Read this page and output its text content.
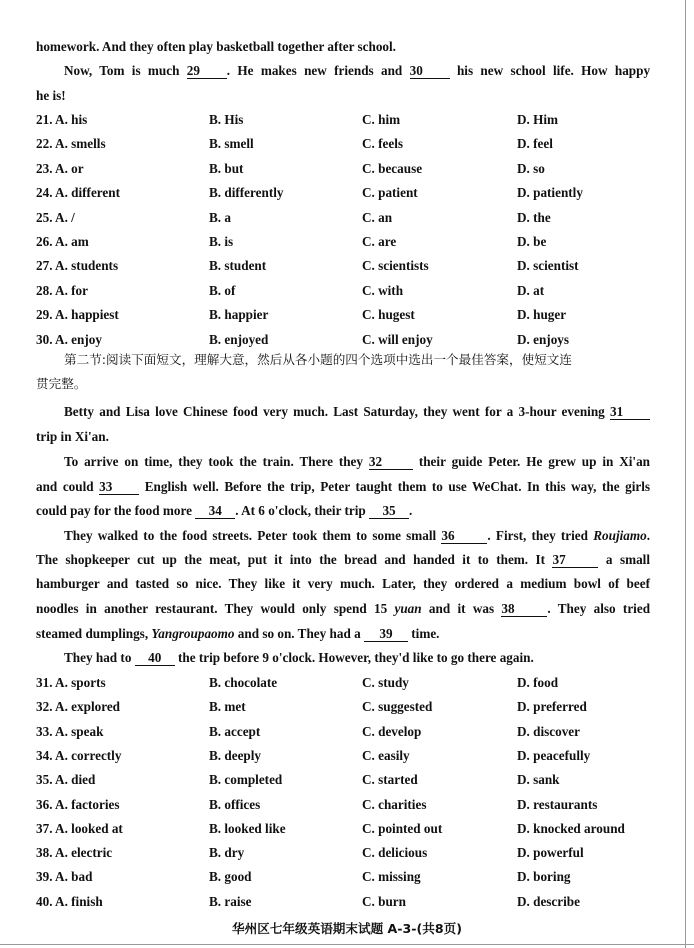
homework. And they often play basketball together after school.
Now, Tom is much 29 . He makes new friends and 30	his new school life. How happy
he is!
21. A. his	B. His	C. him	D. Him
22. A. smells	B. smell	C. feels	D. feel
23. A. or	B. but	C. because	D. so
24. A. different	B. differently	C. patient	D. patiently
25. A. /	B. a	C. an	D. the
26. A. am	B. is	C. are	D. be
27. A. students	B. student	C. scientists	D. scientist
28. A. for	B. of	C. with	D. at
29. A. happiest	B. happier	C. hugest	D. huger
30. A. enjoy	B. enjoyed	C. will enjoy	D. enjoys
第二节:阅读下面短文，理解大意，然后从各小题的四个选项中选出一个最佳答案，使短文连
贯完整。
Betty and Lisa love Chinese food very much. Last Saturday, they went for a 3-hour evening 31
trip in Xi'an.
To arrive on time, they took the train. There they 32	their guide Peter. He grew up in Xi'an
and could 33 English well. Before the trip, Peter taught them to use WeChat. In this way, the girls
could pay for the food more 34 . At 6 o'clock, their trip 35 .
They walked to the food streets. Peter took them to some small 36 . First, they tried Roujiamo.
The shopkeeper cut up the meat, put it into the bread and handed it to them. It 37	a small
hamburger and tasted so nice. They like it very much. Later, they ordered a medium bowl of beef
noodles in another restaurant. They would only spend 15 yuan and it was 38 . They also tried
steamed dumplings, Yangroupaomo and so on. They had a 39 time.
They had to 40 the trip before 9 o'clock. However, they'd like to go there again.
31. A. sports	B. chocolate	C. study	D. food
32. A. explored	B. met	C. suggested	D. preferred
33. A. speak	B. accept	C. develop	D. discover
34. A. correctly	B. deeply	C. easily	D. peacefully
35. A. died	B. completed	C. started	D. sank
36. A. factories	B. offices	C. charities	D. restaurants
37. A. looked at	B. looked like	C. pointed out	D. knocked around
38. A. electric	B. dry	C. delicious	D. powerful
39. A. bad	B. good	C. missing	D. boring
40. A. finish	B. raise	C. burn	D. describe
华州区七年级英语期末试题 A-3-(共8页)
